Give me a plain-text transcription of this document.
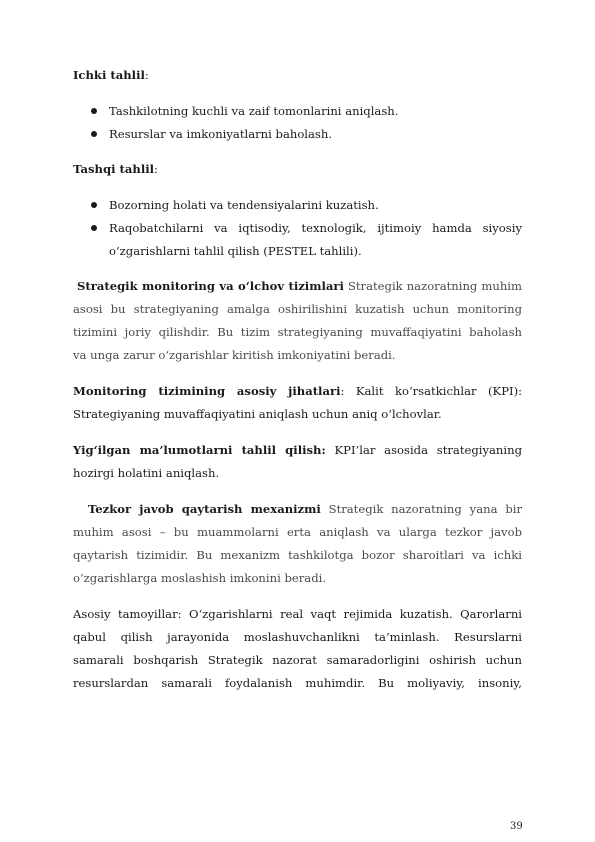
Ichki tahlil:

Tashkilotning kuchli va zaif tomonlarini aniqlash.
Resurslar va imkoniyatlarni baholash.

Tashqi tahlil:

Bozorning holati va tendensiyalarini kuzatish.
Raqobatchilarni va iqtisodiy, texnologik, ijtimoiy hamda siyosiy
o‘zgarishlarni tahlil qilish (PESTEL tahlili).

Strategik monitoring va o‘lchov tizimlari Strategik nazoratning muhim

asosi bu strategiyaning amalga oshirilishini kuzatish uchun monitoring

tizimini joriy qilishdir. Bu tizim strategiyaning muvaffaqiyatini baholash

va unga zarur o‘zgarishlar kiritish imkoniyatini beradi.

Monitoring tizimining asosiy jihatlari: Kalit ko‘rsatkichlar (KPI):

Strategiyaning muvaffaqiyatini aniqlash uchun aniq o‘lchovlar.

Yig‘ilgan ma’lumotlarni tahlil qilish: KPI’lar asosida strategiyaning

hozirgi holatini aniqlash.

Tezkor javob qaytarish mexanizmi Strategik nazoratning yana bir

muhim asosi – bu muammolarni erta aniqlash va ularga tezkor javob

qaytarish tizimidir. Bu mexanizm tashkilotga bozor sharoitlari va ichki

o‘zgarishlarga moslashish imkonini beradi.

Asosiy tamoyillar: O‘zgarishlarni real vaqt rejimida kuzatish. Qarorlarni

qabul qilish jarayonida moslashuvchanlikni ta’minlash. Resurslarni

samarali boshqarish Strategik nazorat samaradorligini oshirish uchun

resurslardan samarali foydalanish muhimdir. Bu moliyaviy, insoniy,

39
